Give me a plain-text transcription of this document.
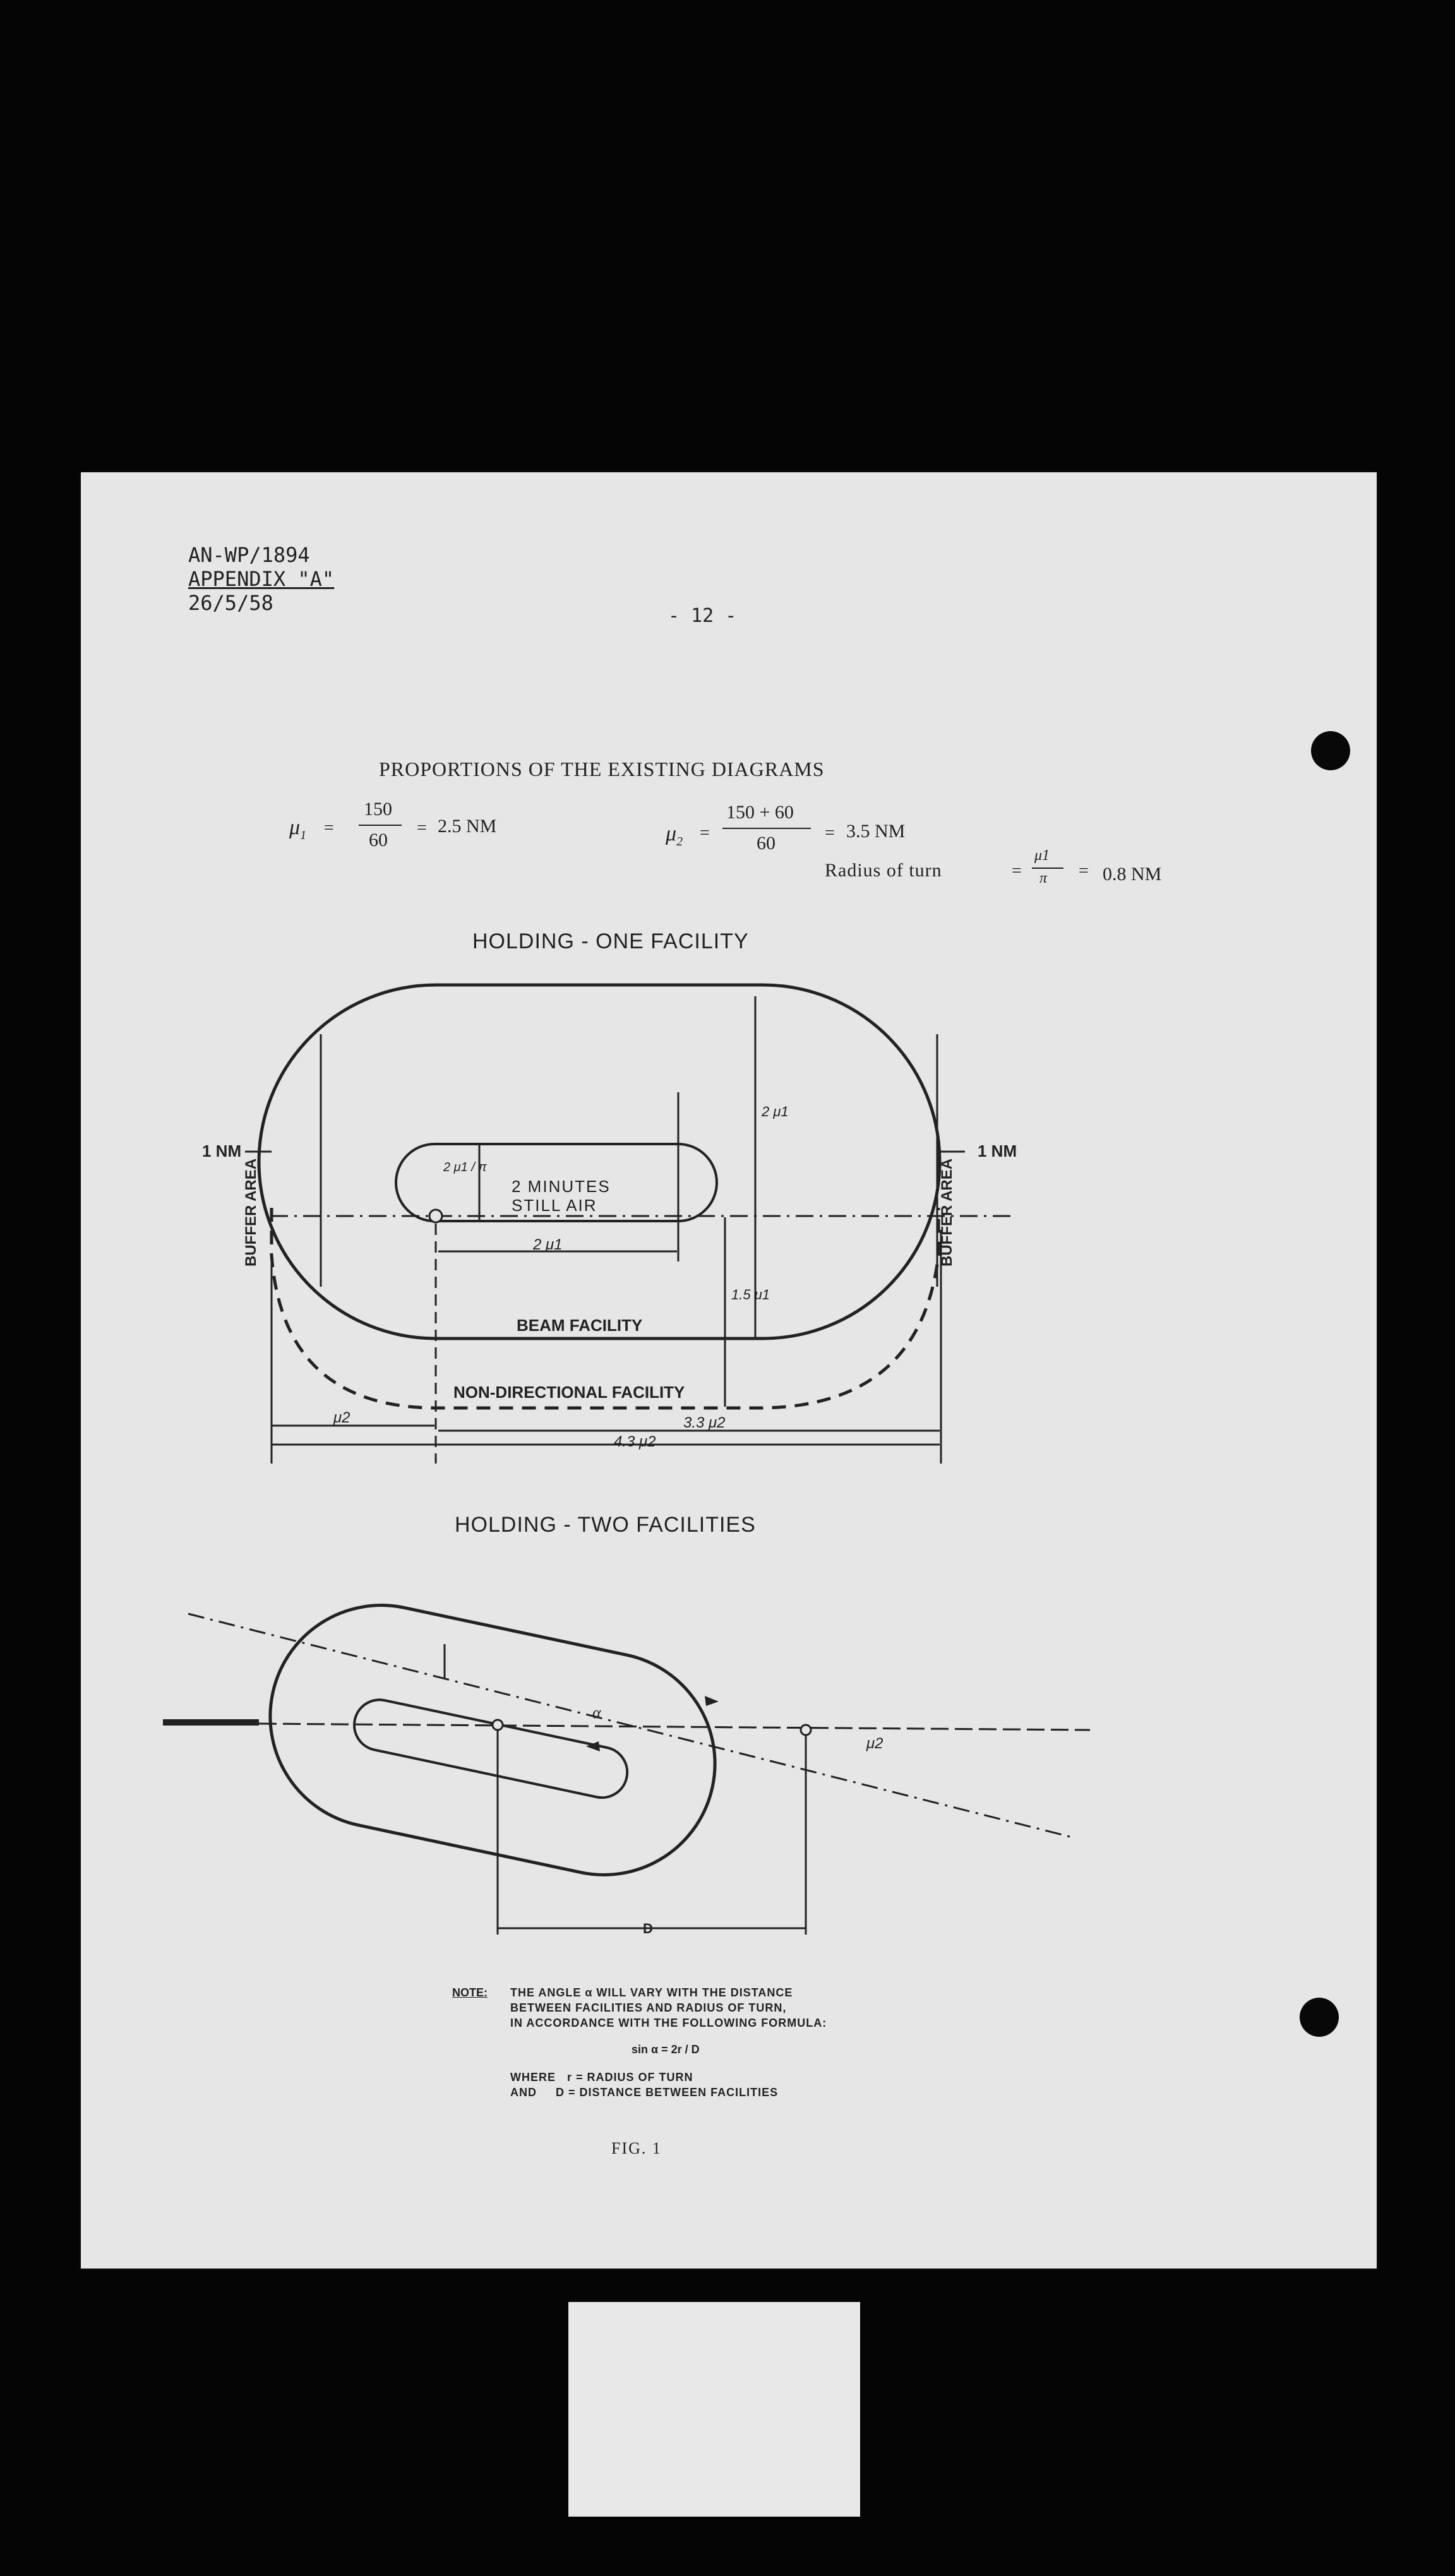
AN-WP/1894
APPENDIX "A"
26/5/58
- 12 -
PROPORTIONS OF THE EXISTING DIAGRAMS
$\mu_1$ =
150
60
= 2.5 NM	$\mu_2$ =
150 + 60
60	= 3.5 NM
Radius of turn	=
μ1
π = 0.8 NM
HOLDING - ONE FACILITY
1 NM	1 NM
BUFFER AREA	BUFFER AREA
2 MINUTES
STILL AIR
2 μ1 / π
2 μ1
2 μ1
1.5 μ1
BEAM FACILITY
NON-DIRECTIONAL FACILITY
μ2	3.3 μ2
4.3 μ2
HOLDING - TWO FACILITIES
α
μ2
D
NOTE: THE ANGLE α WILL VARY WITH THE DISTANCE
BETWEEN FACILITIES AND RADIUS OF TURN,
IN ACCORDANCE WITH THE FOLLOWING FORMULA:
sin α = 2r / D
WHERE   r = RADIUS OF TURN
AND     D = DISTANCE BETWEEN FACILITIES
FIG. 1
